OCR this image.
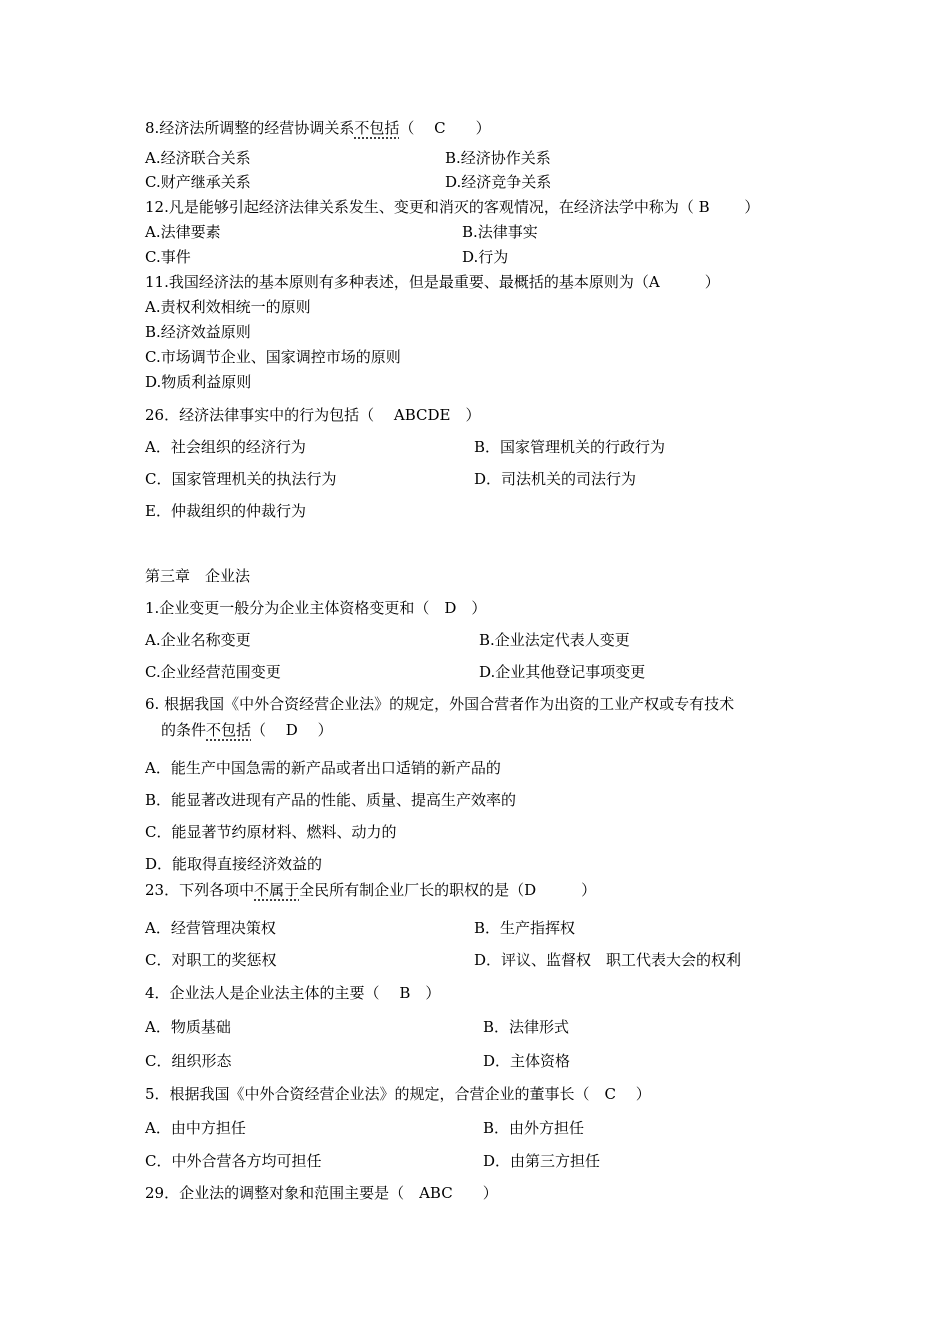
8.经济法所调整的经营协调关系不包括（　 C　　）
A.经济联合关系	B.经济协作关系
C.财产继承关系	D.经济竞争关系
12.凡是能够引起经济法律关系发生、变更和消灭的客观情况，在经济法学中称为（ B　　 ）
A.法律要素	B.法律事实
C.事件	D.行为
11.我国经济法的基本原则有多种表述，但是最重要、最概括的基本原则为（A　　　）
A.责权利效相统一的原则
B.经济效益原则
C.市场调节企业、国家调控市场的原则
D.物质利益原则
26．经济法律事实中的行为包括（　 ABCDE　）
A．社会组织的经济行为	B．国家管理机关的行政行为
C．国家管理机关的执法行为	D．司法机关的司法行为
E．仲裁组织的仲裁行为
第三章　企业法
1.企业变更一般分为企业主体资格变更和（　D　）
A.企业名称变更	B.企业法定代表人变更
C.企业经营范围变更	D.企业其他登记事项变更
6. 根据我国《中外合资经营企业法》的规定，外国合营者作为出资的工业产权或专有技术
的条件不包括（　 D　 ）
A．能生产中国急需的新产品或者出口适销的新产品的
B．能显著改进现有产品的性能、质量、提高生产效率的
C．能显著节约原材料、燃料、动力的
D．能取得直接经济效益的
23．下列各项中不属于全民所有制企业厂长的职权的是（D　　　）
A．经营管理决策权	B．生产指挥权
C．对职工的奖惩权	D．评议、监督权　职工代表大会的权利
4．企业法人是企业法主体的主要（　 B　）
A．物质基础	B．法律形式
C．组织形态	D．主体资格
5．根据我国《中外合资经营企业法》的规定，合营企业的董事长（　C　 ）
A．由中方担任	B．由外方担任
C．中外合营各方均可担任	D．由第三方担任
29．企业法的调整对象和范围主要是（　ABC　　）
